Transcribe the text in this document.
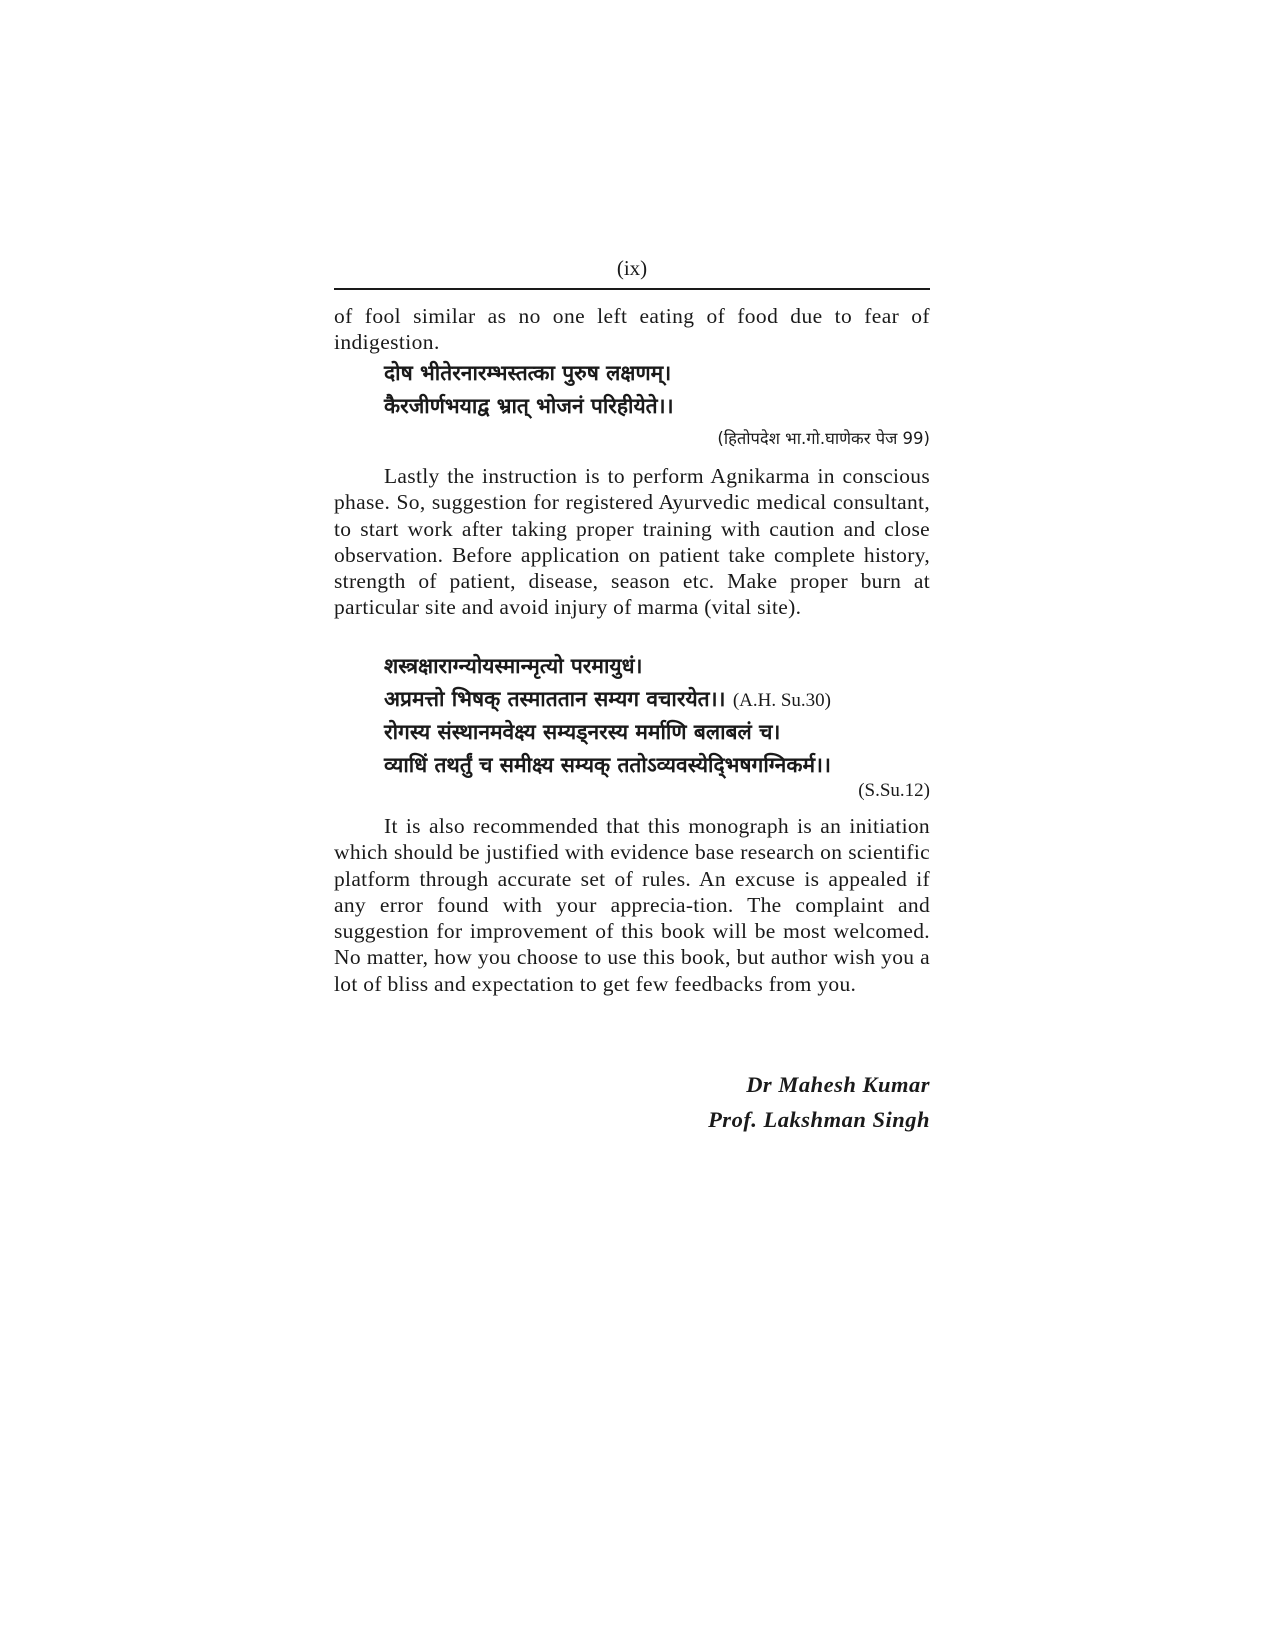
(ix)

of fool similar as no one left eating of food due to fear of indigestion.

दोष भीतेरनारम्भस्तत्का पुरुष लक्षणम्।
कैरजीर्णभयाद्व भ्रात् भोजनं परिहीयेते।।
(हितोपदेश भा.गो.घाणेकर पेज 99)

Lastly the instruction is to perform Agnikarma in conscious phase. So, suggestion for registered Ayurvedic medical consultant, to start work after taking proper training with caution and close observation. Before application on patient take complete history, strength of patient, disease, season etc. Make proper burn at particular site and avoid injury of marma (vital site).

शस्त्रक्षाराग्न्योयस्मान्मृत्यो परमायुधं।
अप्रमत्तो भिषक् तस्माततान सम्यग वचारयेत।। (A.H. Su.30)
रोगस्य संस्थानमवेक्ष्य सम्यड्नरस्य मर्माणि बलाबलं च।
व्याधिं तथर्तुं च समीक्ष्य सम्यक् ततोऽव्यवस्येदि्भषगग्निकर्म।।
(S.Su.12)

It is also recommended that this monograph is an initiation which should be justified with evidence base research on scientific platform through accurate set of rules. An excuse is appealed if any error found with your apprecia-tion. The complaint and suggestion for improvement of this book will be most welcomed. No matter, how you choose to use this book, but author wish you a lot of bliss and expectation to get few feedbacks from you.

Dr Mahesh Kumar
Prof. Lakshman Singh
